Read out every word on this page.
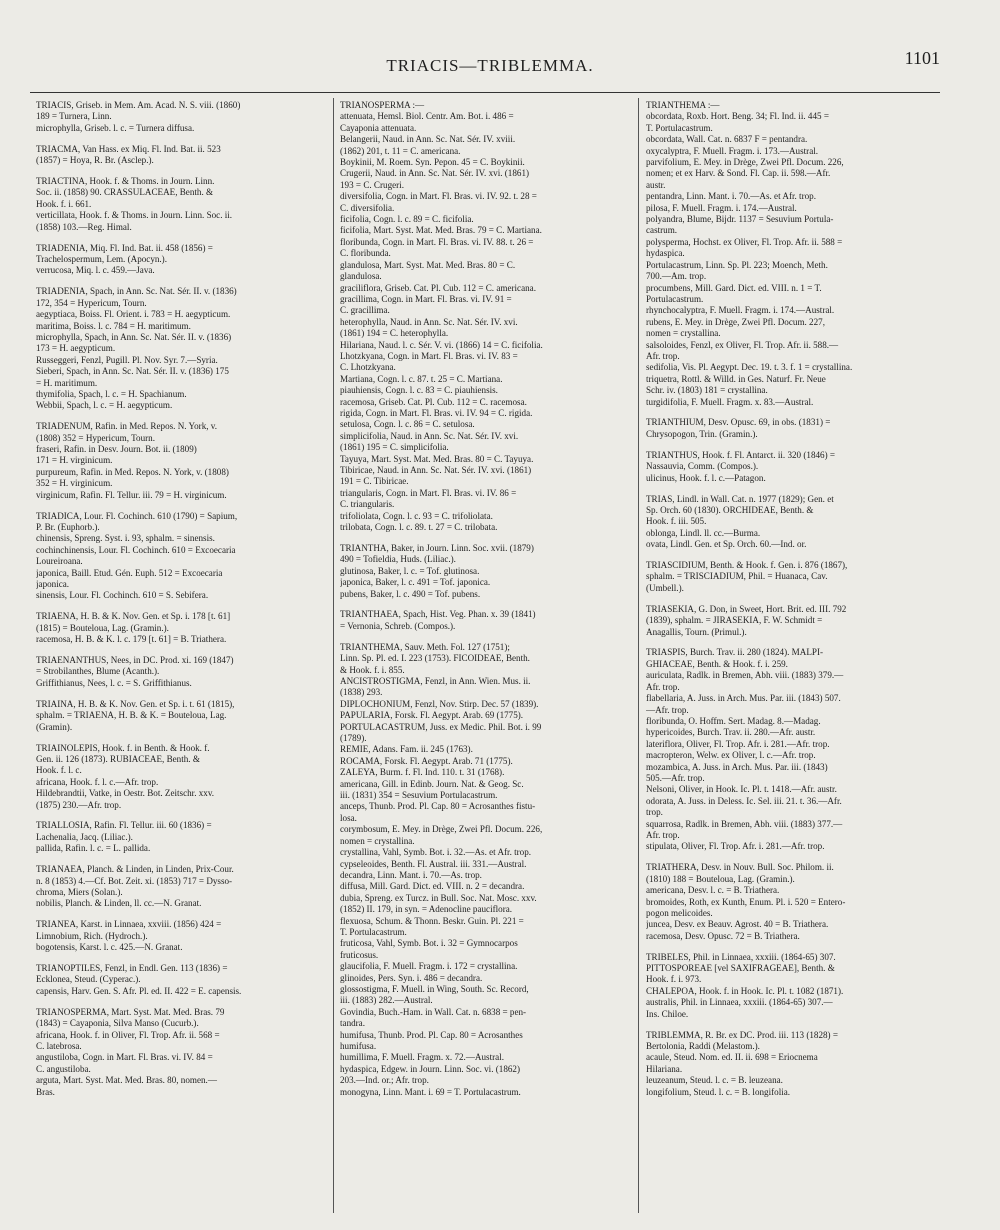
TRIACIS—TRIBLEMMA.	1101
TRIACIS, Griseb. in Mem. Am. Acad. N. S. viii. (1860)
189 = Turnera, Linn.
microphylla, Griseb. l. c. = Turnera diffusa.
TRIACMA, Van Hass. ex Miq. Fl. Ind. Bat. ii. 523
(1857) = Hoya, R. Br. (Asclep.).
TRIACTINA, Hook. f. & Thoms. in Journ. Linn.
Soc. ii. (1858) 90. CRASSULACEAE, Benth. &
Hook. f. i. 661.
verticillata, Hook. f. & Thoms. in Journ. Linn. Soc. ii.
(1858) 103.—Reg. Himal.
TRIADENIA, Miq. Fl. Ind. Bat. ii. 458 (1856) =
Trachelospermum, Lem. (Apocyn.).
verrucosa, Miq. l. c. 459.—Java.
TRIADENIA, Spach, in Ann. Sc. Nat. Sér. II. v. (1836)
172, 354 = Hypericum, Tourn.
aegyptiaca, Boiss. Fl. Orient. i. 783 = H. aegypticum.
maritima, Boiss. l. c. 784 = H. maritimum.
microphylla, Spach, in Ann. Sc. Nat. Sér. II. v. (1836)
173 = H. aegypticum.
Russeggeri, Fenzl, Pugill. Pl. Nov. Syr. 7.—Syria.
Sieberi, Spach, in Ann. Sc. Nat. Sér. II. v. (1836) 175
= H. maritimum.
thymifolia, Spach, l. c. = H. Spachianum.
Webbii, Spach, l. c. = H. aegypticum.
TRIADENUM, Rafin. in Med. Repos. N. York, v.
(1808) 352 = Hypericum, Tourn.
fraseri, Rafin. in Desv. Journ. Bot. ii. (1809)
171 = H. virginicum.
purpureum, Rafin. in Med. Repos. N. York, v. (1808)
352 = H. virginicum.
virginicum, Rafin. Fl. Tellur. iii. 79 = H. virginicum.
TRIADICA, Lour. Fl. Cochinch. 610 (1790) = Sapium,
P. Br. (Euphorb.).
chinensis, Spreng. Syst. i. 93, sphalm. = sinensis.
cochinchinensis, Lour. Fl. Cochinch. 610 = Excoecaria
Loureiroana.
japonica, Baill. Etud. Gén. Euph. 512 = Excoecaria
japonica.
sinensis, Lour. Fl. Cochinch. 610 = S. Sebifera.
TRIAENA, H. B. & K. Nov. Gen. et Sp. i. 178 [t. 61]
(1815) = Bouteloua, Lag. (Gramin.).
racemosa, H. B. & K. l. c. 179 [t. 61] = B. Triathera.
TRIAENANTHUS, Nees, in DC. Prod. xi. 169 (1847)
= Strobilanthes, Blume (Acanth.).
Griffithianus, Nees, l. c. = S. Griffithianus.
TRIAINA, H. B. & K. Nov. Gen. et Sp. i. t. 61 (1815),
sphalm. = TRIAENA, H. B. & K. = Bouteloua, Lag.
(Gramin).
TRIAINOLEPIS, Hook. f. in Benth. & Hook. f.
Gen. ii. 126 (1873). RUBIACEAE, Benth. &
Hook. f. l. c.
africana, Hook. f. l. c.—Afr. trop.
Hildebrandtii, Vatke, in Oestr. Bot. Zeitschr. xxv.
(1875) 230.—Afr. trop.
TRIALLOSIA, Rafin. Fl. Tellur. iii. 60 (1836) =
Lachenalia, Jacq. (Liliac.).
pallida, Rafin. l. c. = L. pallida.
TRIANAEA, Planch. & Linden, in Linden, Prix-Cour.
n. 8 (1853) 4.—Cf. Bot. Zeit. xi. (1853) 717 = Dysso-
chroma, Miers (Solan.).
nobilis, Planch. & Linden, ll. cc.—N. Granat.
TRIANEA, Karst. in Linnaea, xxviii. (1856) 424 =
Limnobium, Rich. (Hydroch.).
bogotensis, Karst. l. c. 425.—N. Granat.
TRIANOPTILES, Fenzl, in Endl. Gen. 113 (1836) =
Ecklonea, Steud. (Cyperac.).
capensis, Harv. Gen. S. Afr. Pl. ed. II. 422 = E. capensis.
TRIANOSPERMA, Mart. Syst. Mat. Med. Bras. 79
(1843) = Cayaponia, Silva Manso (Cucurb.).
africana, Hook. f. in Oliver, Fl. Trop. Afr. ii. 568 =
C. latebrosa.
angustiloba, Cogn. in Mart. Fl. Bras. vi. IV. 84 =
C. angustiloba.
arguta, Mart. Syst. Mat. Med. Bras. 80, nomen.—
Bras.
TRIANOSPERMA :—
attenuata, Hemsl. Biol. Centr. Am. Bot. i. 486 =
Cayaponia attenuata.
Belangerii, Naud. in Ann. Sc. Nat. Sér. IV. xviii.
(1862) 201, t. 11 = C. americana.
Boykinii, M. Roem. Syn. Pepon. 45 = C. Boykinii.
Crugerii, Naud. in Ann. Sc. Nat. Sér. IV. xvi. (1861)
193 = C. Crugeri.
diversifolia, Cogn. in Mart. Fl. Bras. vi. IV. 92. t. 28 =
C. diversifolia.
ficifolia, Cogn. l. c. 89 = C. ficifolia.
ficifolia, Mart. Syst. Mat. Med. Bras. 79 = C. Martiana.
floribunda, Cogn. in Mart. Fl. Bras. vi. IV. 88. t. 26 =
C. floribunda.
glandulosa, Mart. Syst. Mat. Med. Bras. 80 = C.
glandulosa.
graciliflora, Griseb. Cat. Pl. Cub. 112 = C. americana.
gracillima, Cogn. in Mart. Fl. Bras. vi. IV. 91 =
C. gracillima.
heterophylla, Naud. in Ann. Sc. Nat. Sér. IV. xvi.
(1861) 194 = C. heterophylla.
Hilariana, Naud. l. c. Sér. V. vi. (1866) 14 = C. ficifolia.
Lhotzkyana, Cogn. in Mart. Fl. Bras. vi. IV. 83 =
C. Lhotzkyana.
Martiana, Cogn. l. c. 87. t. 25 = C. Martiana.
piauhiensis, Cogn. l. c. 83 = C. piauhiensis.
racemosa, Griseb. Cat. Pl. Cub. 112 = C. racemosa.
rigida, Cogn. in Mart. Fl. Bras. vi. IV. 94 = C. rigida.
setulosa, Cogn. l. c. 86 = C. setulosa.
simplicifolia, Naud. in Ann. Sc. Nat. Sér. IV. xvi.
(1861) 195 = C. simplicifolia.
Tayuya, Mart. Syst. Mat. Med. Bras. 80 = C. Tayuya.
Tibiricae, Naud. in Ann. Sc. Nat. Sér. IV. xvi. (1861)
191 = C. Tibiricae.
triangularis, Cogn. in Mart. Fl. Bras. vi. IV. 86 =
C. triangularis.
trifoliolata, Cogn. l. c. 93 = C. trifoliolata.
trilobata, Cogn. l. c. 89. t. 27 = C. trilobata.
TRIANTHA, Baker, in Journ. Linn. Soc. xvii. (1879)
490 = Tofieldia, Huds. (Liliac.).
glutinosa, Baker, l. c. = Tof. glutinosa.
japonica, Baker, l. c. 491 = Tof. japonica.
pubens, Baker, l. c. 490 = Tof. pubens.
TRIANTHAEA, Spach, Hist. Veg. Phan. x. 39 (1841)
= Vernonia, Schreb. (Compos.).
TRIANTHEMA, Sauv. Meth. Fol. 127 (1751);
Linn. Sp. Pl. ed. I. 223 (1753). FICOIDEAE, Benth.
& Hook. f. i. 855.
ANCISTROSTIGMA, Fenzl, in Ann. Wien. Mus. ii.
(1838) 293.
DIPLOCHONIUM, Fenzl, Nov. Stirp. Dec. 57 (1839).
PAPULARIA, Forsk. Fl. Aegypt. Arab. 69 (1775).
PORTULACASTRUM, Juss. ex Medic. Phil. Bot. i. 99
(1789).
REMIE, Adans. Fam. ii. 245 (1763).
ROCAMA, Forsk. Fl. Aegypt. Arab. 71 (1775).
ZALEYA, Burm. f. Fl. Ind. 110. t. 31 (1768).
americana, Gill. in Edinb. Journ. Nat. & Geog. Sc.
iii. (1831) 354 = Sesuvium Portulacastrum.
anceps, Thunb. Prod. Pl. Cap. 80 = Acrosanthes fistu-
losa.
corymbosum, E. Mey. in Drège, Zwei Pfl. Docum. 226,
nomen = crystallina.
crystallina, Vahl, Symb. Bot. i. 32.—As. et Afr. trop.
cypseleoides, Benth. Fl. Austral. iii. 331.—Austral.
decandra, Linn. Mant. i. 70.—As. trop.
diffusa, Mill. Gard. Dict. ed. VIII. n. 2 = decandra.
dubia, Spreng. ex Turcz. in Bull. Soc. Nat. Mosc. xxv.
(1852) II. 179, in syn. = Adenocline pauciflora.
flexuosa, Schum. & Thonn. Beskr. Guin. Pl. 221 =
T. Portulacastrum.
fruticosa, Vahl, Symb. Bot. i. 32 = Gymnocarpos
fruticosus.
glaucifolia, F. Muell. Fragm. i. 172 = crystallina.
glinoides, Pers. Syn. i. 486 = decandra.
glossostigma, F. Muell. in Wing, South. Sc. Record,
iii. (1883) 282.—Austral.
Govindia, Buch.-Ham. in Wall. Cat. n. 6838 = pen-
tandra.
humifusa, Thunb. Prod. Pl. Cap. 80 = Acrosanthes
humifusa.
humillima, F. Muell. Fragm. x. 72.—Austral.
hydaspica, Edgew. in Journ. Linn. Soc. vi. (1862)
203.—Ind. or.; Afr. trop.
monogyna, Linn. Mant. i. 69 = T. Portulacastrum.
TRIANTHEMA :—
obcordata, Roxb. Hort. Beng. 34; Fl. Ind. ii. 445 =
T. Portulacastrum.
obcordata, Wall. Cat. n. 6837 F = pentandra.
oxycalyptra, F. Muell. Fragm. i. 173.—Austral.
parvifolium, E. Mey. in Drège, Zwei Pfl. Docum. 226,
nomen; et ex Harv. & Sond. Fl. Cap. ii. 598.—Afr.
austr.
pentandra, Linn. Mant. i. 70.—As. et Afr. trop.
pilosa, F. Muell. Fragm. i. 174.—Austral.
polyandra, Blume, Bijdr. 1137 = Sesuvium Portula-
castrum.
polysperma, Hochst. ex Oliver, Fl. Trop. Afr. ii. 588 =
hydaspica.
Portulacastrum, Linn. Sp. Pl. 223; Moench, Meth.
700.—Am. trop.
procumbens, Mill. Gard. Dict. ed. VIII. n. 1 = T.
Portulacastrum.
rhynchocalyptra, F. Muell. Fragm. i. 174.—Austral.
rubens, E. Mey. in Drège, Zwei Pfl. Docum. 227,
nomen = crystallina.
salsoloides, Fenzl, ex Oliver, Fl. Trop. Afr. ii. 588.—
Afr. trop.
sedifolia, Vis. Pl. Aegypt. Dec. 19. t. 3. f. 1 = crystallina.
triquetra, Rottl. & Willd. in Ges. Naturf. Fr. Neue
Schr. iv. (1803) 181 = crystallina.
turgidifolia, F. Muell. Fragm. x. 83.—Austral.
TRIANTHIUM, Desv. Opusc. 69, in obs. (1831) =
Chrysopogon, Trin. (Gramin.).
TRIANTHUS, Hook. f. Fl. Antarct. ii. 320 (1846) =
Nassauvia, Comm. (Compos.).
ulicinus, Hook. f. l. c.—Patagon.
TRIAS, Lindl. in Wall. Cat. n. 1977 (1829); Gen. et
Sp. Orch. 60 (1830). ORCHIDEAE, Benth. &
Hook. f. iii. 505.
oblonga, Lindl. ll. cc.—Burma.
ovata, Lindl. Gen. et Sp. Orch. 60.—Ind. or.
TRIASCIDIUM, Benth. & Hook. f. Gen. i. 876 (1867),
sphalm. = TRISCIADIUM, Phil. = Huanaca, Cav.
(Umbell.).
TRIASEKIA, G. Don, in Sweet, Hort. Brit. ed. III. 792
(1839), sphalm. = JIRASEKIA, F. W. Schmidt =
Anagallis, Tourn. (Primul.).
TRIASPIS, Burch. Trav. ii. 280 (1824). MALPI-
GHIACEAE, Benth. & Hook. f. i. 259.
auriculata, Radlk. in Bremen, Abh. viii. (1883) 379.—
Afr. trop.
flabellaria, A. Juss. in Arch. Mus. Par. iii. (1843) 507.
—Afr. trop.
floribunda, O. Hoffm. Sert. Madag. 8.—Madag.
hypericoides, Burch. Trav. ii. 280.—Afr. austr.
lateriflora, Oliver, Fl. Trop. Afr. i. 281.—Afr. trop.
macropteron, Welw. ex Oliver, l. c.—Afr. trop.
mozambica, A. Juss. in Arch. Mus. Par. iii. (1843)
505.—Afr. trop.
Nelsoni, Oliver, in Hook. Ic. Pl. t. 1418.—Afr. austr.
odorata, A. Juss. in Deless. Ic. Sel. iii. 21. t. 36.—Afr.
trop.
squarrosa, Radlk. in Bremen, Abh. viii. (1883) 377.—
Afr. trop.
stipulata, Oliver, Fl. Trop. Afr. i. 281.—Afr. trop.
TRIATHERA, Desv. in Nouv. Bull. Soc. Philom. ii.
(1810) 188 = Bouteloua, Lag. (Gramin.).
americana, Desv. l. c. = B. Triathera.
bromoides, Roth, ex Kunth, Enum. Pl. i. 520 = Entero-
pogon melicoides.
juncea, Desv. ex Beauv. Agrost. 40 = B. Triathera.
racemosa, Desv. Opusc. 72 = B. Triathera.
TRIBELES, Phil. in Linnaea, xxxiii. (1864-65) 307.
PITTOSPOREAE [vel SAXIFRAGEAE], Benth. &
Hook. f. i. 973.
CHALEPOA, Hook. f. in Hook. Ic. Pl. t. 1082 (1871).
australis, Phil. in Linnaea, xxxiii. (1864-65) 307.—
Ins. Chiloe.
TRIBLEMMA, R. Br. ex DC. Prod. iii. 113 (1828) =
Bertolonia, Raddi (Melastom.).
acaule, Steud. Nom. ed. II. ii. 698 = Eriocnema
Hilariana.
leuzeanum, Steud. l. c. = B. leuzeana.
longifolium, Steud. l. c. = B. longifolia.
